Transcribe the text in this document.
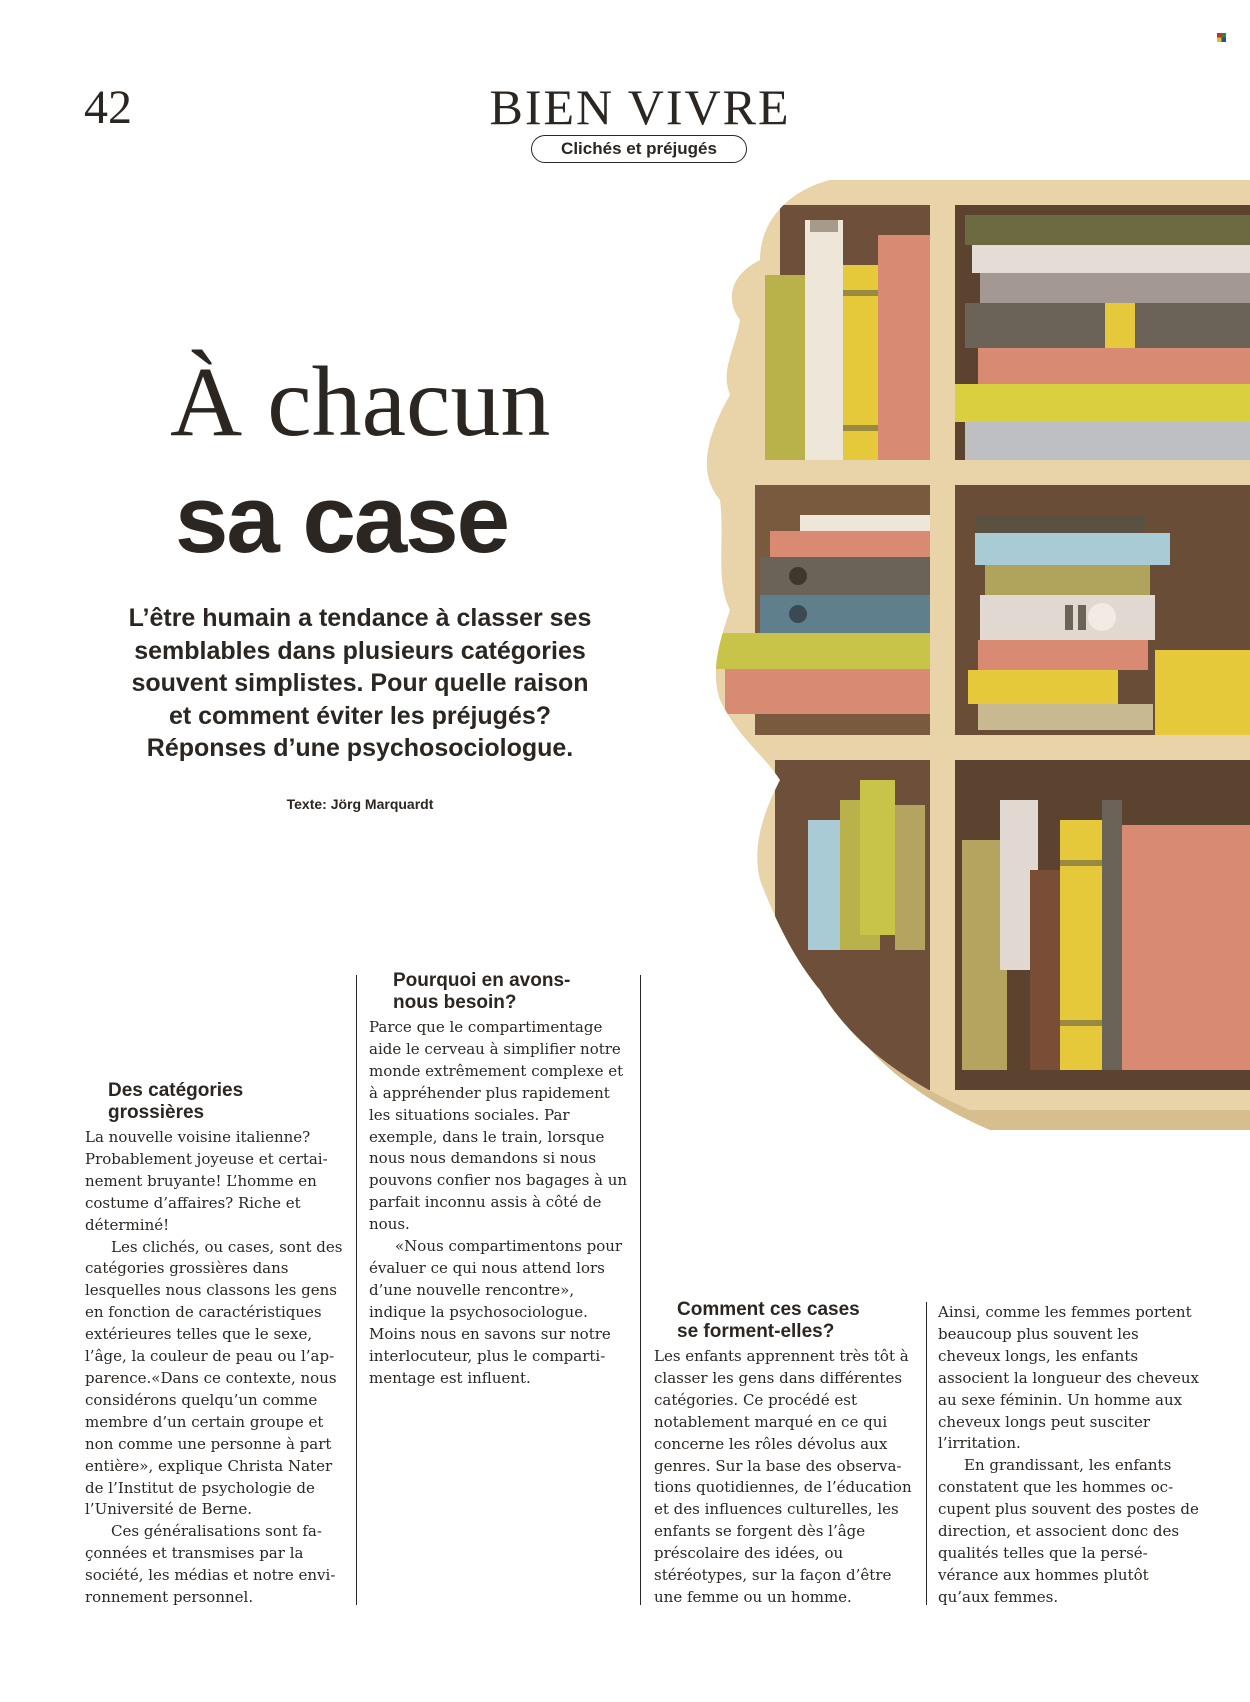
42	BIEN VIVRE
Clichés et préjugés
À chacun
sa case
L’être humain a tendance à classer ses
semblables dans plusieurs catégories
souvent simplistes. Pour quelle raison
et comment éviter les préjugés?
Réponses d’une psychosociologue.
Texte: Jörg Marquardt
Des catégories
grossières

La nouvelle voisine italienne? Probablement joyeuse et certainement bruyante! L’homme en costume d’affaires? Riche et déterminé!

Les clichés, ou cases, sont des catégories grossières dans lesquelles nous classons les gens en fonction de caractéristiques extérieures telles que le sexe, l’âge, la couleur de peau ou l’apparence.«Dans ce contexte, nous considérons quelqu’un comme membre d’un certain groupe et non comme une personne à part entière», explique Christa Nater de l’Institut de psychologie de l’Université de Berne.

Ces généralisations sont façonnées et transmises par la société, les médias et notre environnement personnel.

Pourquoi en avons-
nous besoin?

Parce que le compartimentage aide le cerveau à simplifier notre monde extrêmement complexe et à appréhender plus rapidement les situations sociales. Par exemple, dans le train, lorsque nous nous demandons si nous pouvons confier nos bagages à un parfait inconnu assis à côté de nous.

«Nous compartimentons pour évaluer ce qui nous attend lors d’une nouvelle rencontre», indique la psychosociologue. Moins nous en savons sur notre interlocuteur, plus le compartimentage est influent.

Comment ces cases
se forment-elles?

Les enfants apprennent très tôt à classer les gens dans différentes catégories. Ce procédé est notablement marqué en ce qui concerne les rôles dévolus aux genres. Sur la base des observations quotidiennes, de l’éducation et des influences culturelles, les enfants se forgent dès l’âge préscolaire des idées, ou stéréotypes, sur la façon d’être une femme ou un homme.

Ainsi, comme les femmes portent beaucoup plus souvent les cheveux longs, les enfants associent la longueur des cheveux au sexe féminin. Un homme aux cheveux longs peut susciter l’irritation.

En grandissant, les enfants constatent que les hommes occupent plus souvent des postes de direction, et associent donc des qualités telles que la persévérance aux hommes plutôt qu’aux femmes.
